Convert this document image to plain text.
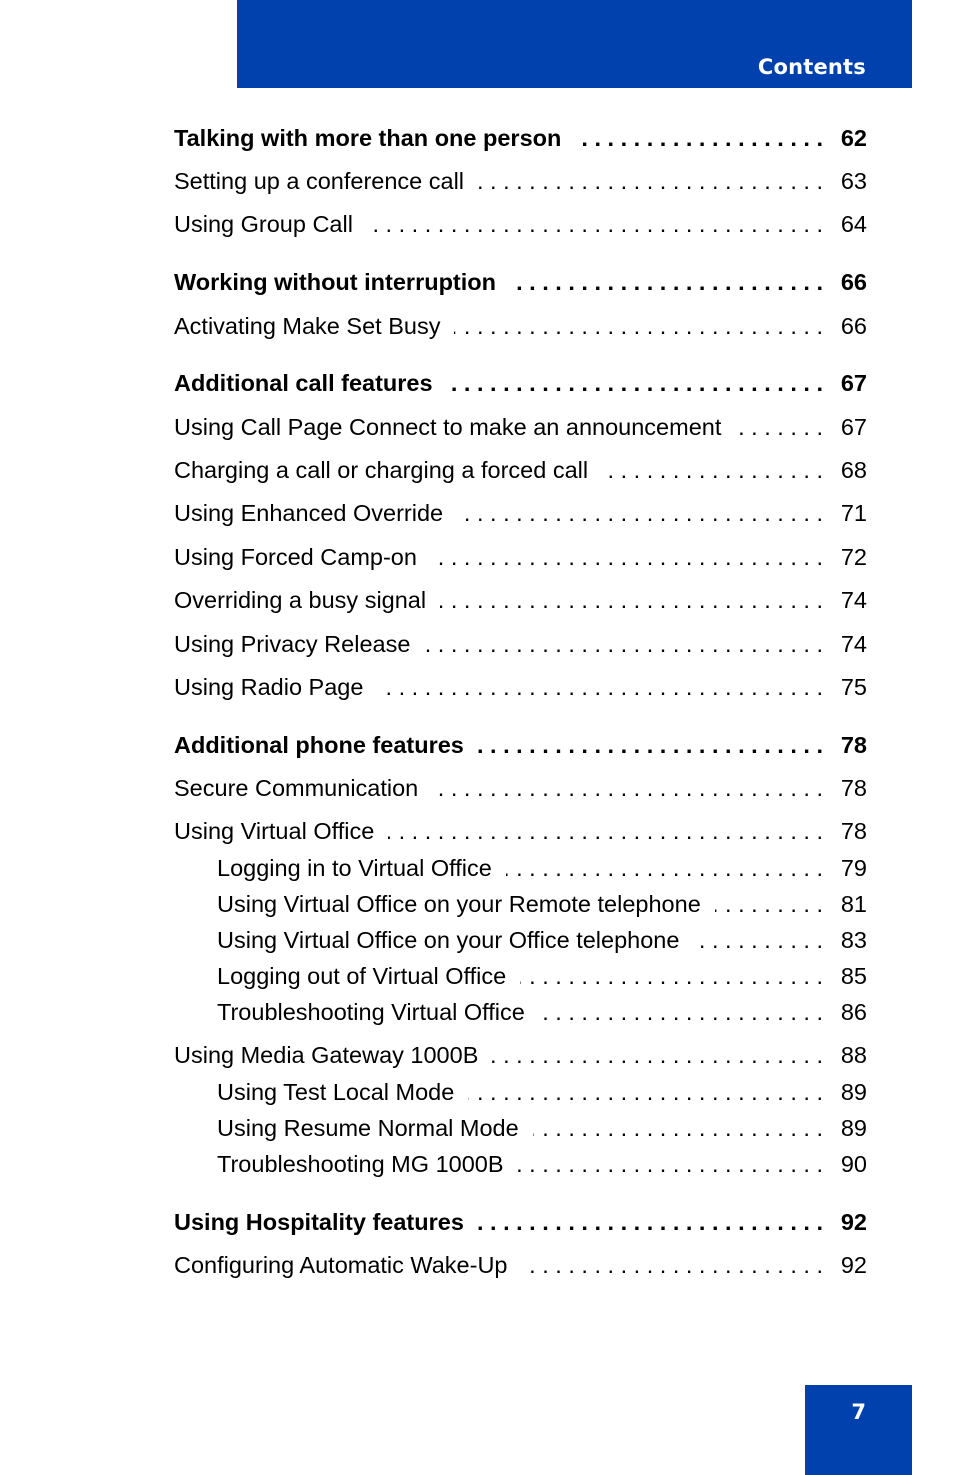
Contents
Talking with more than one person . . .	62
Setting up a conference call . . .	63
Using Group Call . . .	64
Working without interruption . . .	66
Activating Make Set Busy . . .	66
Additional call features . . .	67
Using Call Page Connect to make an announcement . . .	67
Charging a call or charging a forced call . . .	68
Using Enhanced Override . . .	71
Using Forced Camp-on . . .	72
Overriding a busy signal . . .	74
Using Privacy Release . . .	74
Using Radio Page . . .	75
Additional phone features . . .	78
Secure Communication . . .	78
Using Virtual Office . . .	78
Logging in to Virtual Office . . .	79
Using Virtual Office on your Remote telephone . . .	81
Using Virtual Office on your Office telephone . . .	83
Logging out of Virtual Office . . .	85
Troubleshooting Virtual Office . . .	86
Using Media Gateway 1000B . . .	88
Using Test Local Mode . . .	89
Using Resume Normal Mode . . .	89
Troubleshooting MG 1000B . . .	90
Using Hospitality features . . .	92
Configuring Automatic Wake-Up . . .	92
7
